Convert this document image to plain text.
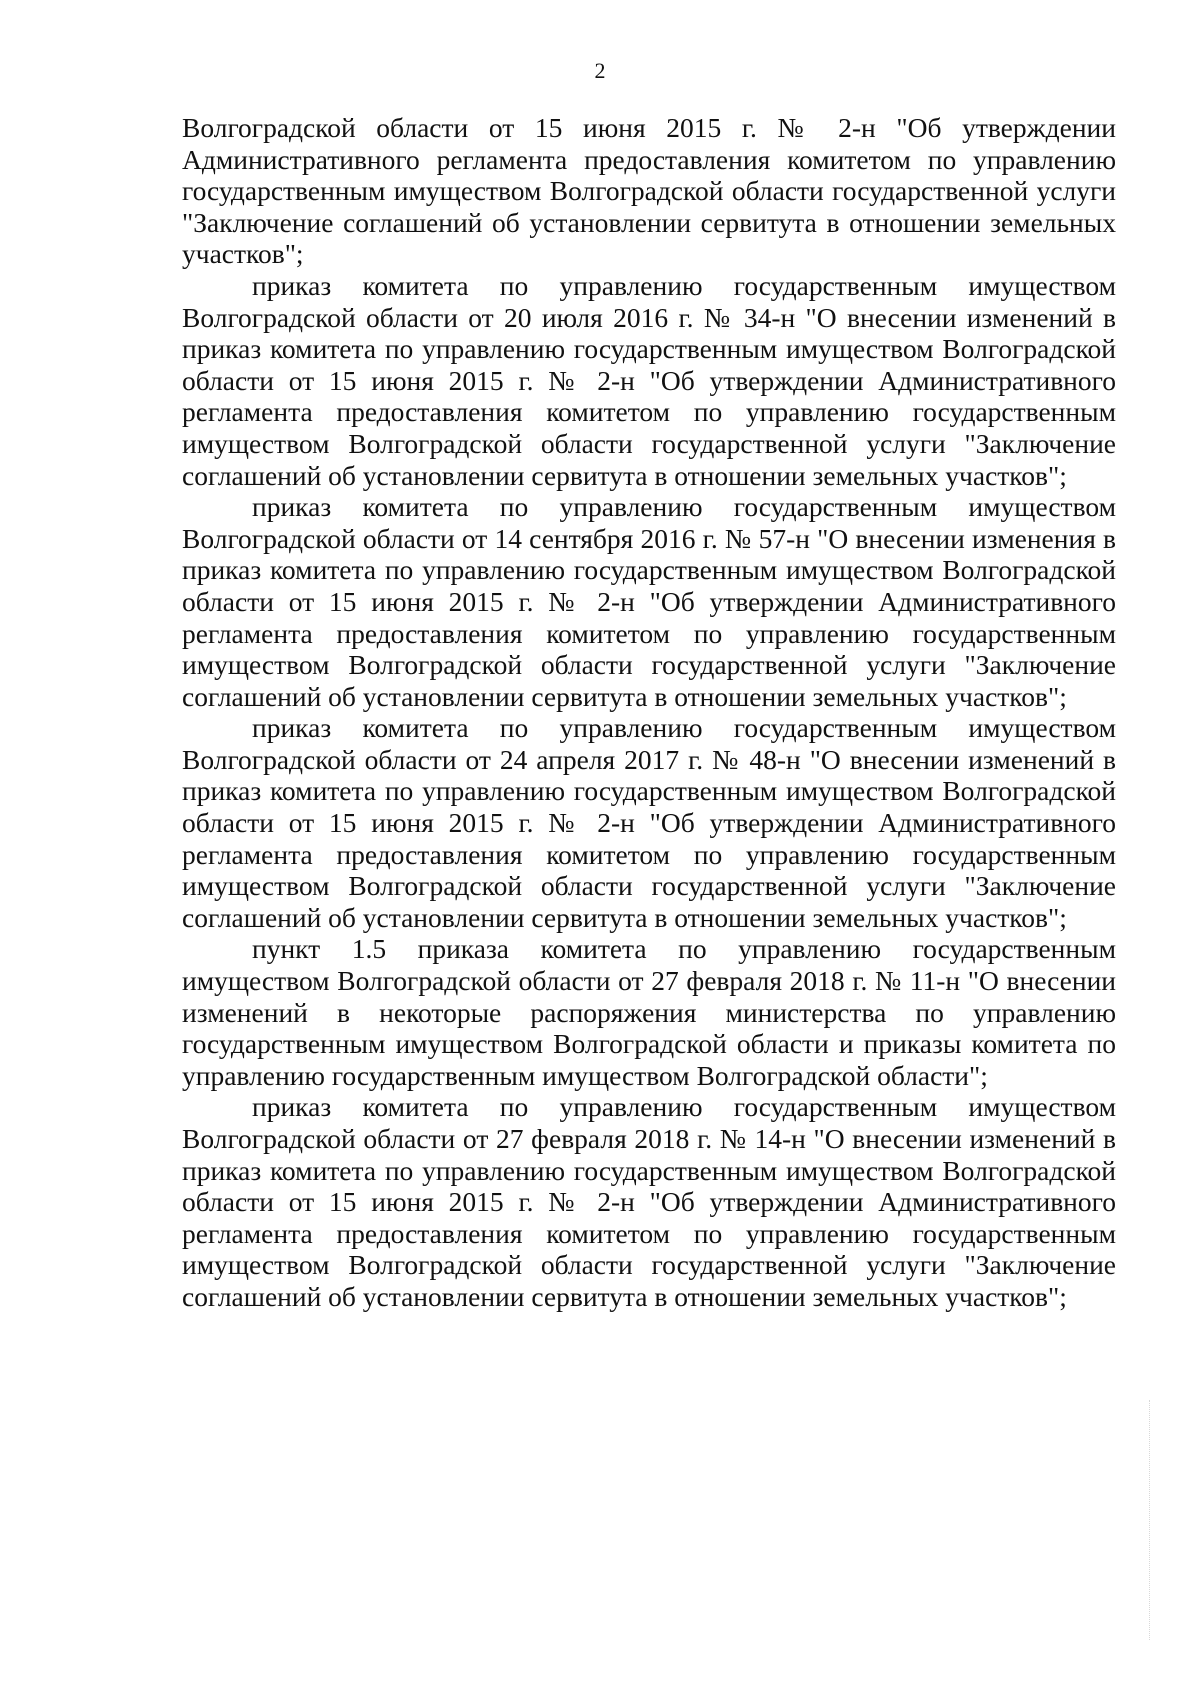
2

Волгоградской области от 15 июня 2015 г. № 2-н "Об утверждении Административного регламента предоставления комитетом по управлению государственным имуществом Волгоградской области государственной услуги "Заключение соглашений об установлении сервитута в отношении земельных участков";

приказ комитета по управлению государственным имуществом Волгоградской области от 20 июля 2016 г. № 34-н "О внесении изменений в приказ комитета по управлению государственным имуществом Волгоградской области от 15 июня 2015 г. № 2-н "Об утверждении Административного регламента предоставления комитетом по управлению государственным имуществом Волгоградской области государственной услуги "Заключение соглашений об установлении сервитута в отношении земельных участков";

приказ комитета по управлению государственным имуществом Волгоградской области от 14 сентября 2016 г. № 57-н "О внесении изменения в приказ комитета по управлению государственным имуществом Волгоградской области от 15 июня 2015 г. № 2-н "Об утверждении Административного регламента предоставления комитетом по управлению государственным имуществом Волгоградской области государственной услуги "Заключение соглашений об установлении сервитута в отношении земельных участков";

приказ комитета по управлению государственным имуществом Волгоградской области от 24 апреля 2017 г. № 48-н "О внесении изменений в приказ комитета по управлению государственным имуществом Волгоградской области от 15 июня 2015 г. № 2-н "Об утверждении Административного регламента предоставления комитетом по управлению государственным имуществом Волгоградской области государственной услуги "Заключение соглашений об установлении сервитута в отношении земельных участков";

пункт 1.5 приказа комитета по управлению государственным имуществом Волгоградской области от 27 февраля 2018 г. № 11-н "О внесении изменений в некоторые распоряжения министерства по управлению государственным имуществом Волгоградской области и приказы комитета по управлению государственным имуществом Волгоградской области";

приказ комитета по управлению государственным имуществом Волгоградской области от 27 февраля 2018 г. № 14-н "О внесении изменений в приказ комитета по управлению государственным имуществом Волгоградской области от 15 июня 2015 г. № 2-н "Об утверждении Административного регламента предоставления комитетом по управлению государственным имуществом Волгоградской области государственной услуги "Заключение соглашений об установлении сервитута в отношении земельных участков";
